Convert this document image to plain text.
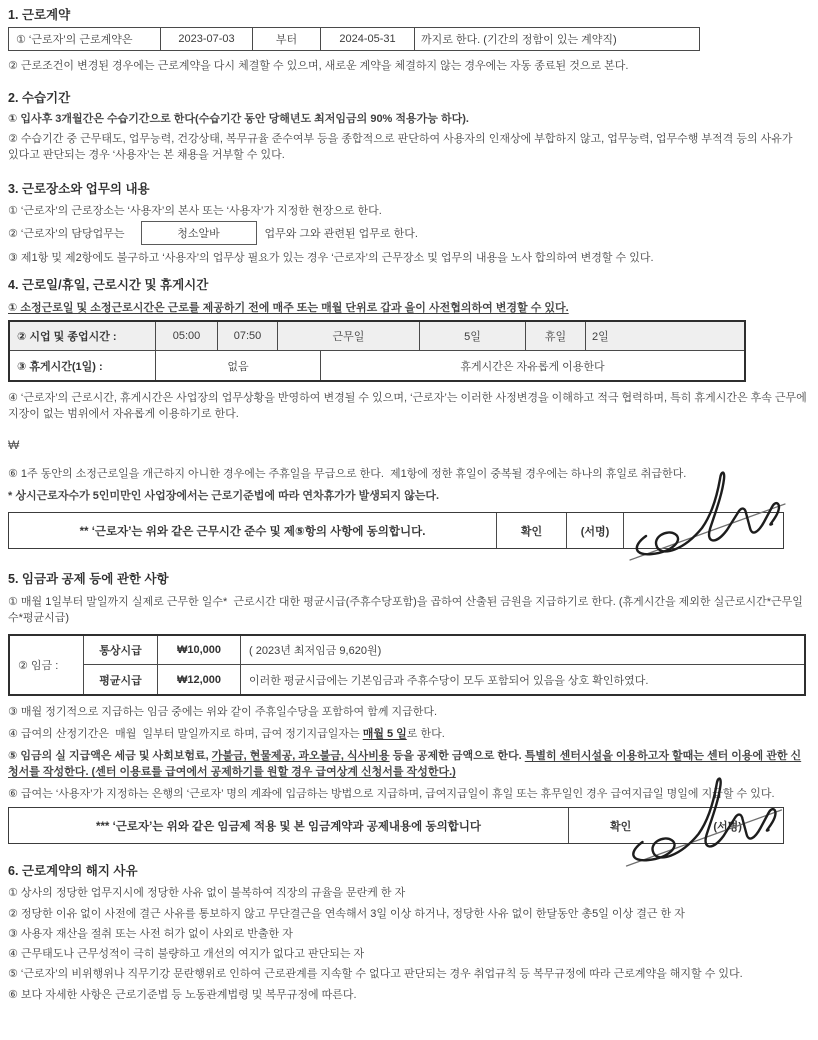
1. 근로계약
① ‘근로자’의 근로계약은	2023-07-03	부터	2024-05-31	까지로 한다. (기간의 정함이 있는 계약직)

② 근로조건이 변경된 경우에는 근로계약을 다시 체결할 수 있으며, 새로운 계약을 체결하지 않는 경우에는 자동 종료된 것으로 본다.

2. 수습기간

① 입사후 3개월간은 수습기간으로 한다(수습기간 동안 당해년도 최저임금의 90% 적용가능 하다).

② 수습기간 중 근무태도, 업무능력, 건강상태, 복무규율 준수여부 등을 종합적으로 판단하여 사용자의 인재상에 부합하지 않고, 업무능력, 업무수행 부적격 등의 사유가  있다고 판단되는 경우 ‘사용자’는 본 채용을 거부할 수 있다.

3. 근로장소와 업무의 내용

① ‘근로자’의 근로장소는 ‘사용자’의 본사 또는 ‘사용자’가 지정한 현장으로 한다.

② ‘근로자’의 담당업무는	청소알바	업무와 그와 관련된 업무로 한다.

③ 제1항 및 제2항에도 불구하고 ‘사용자’의 업무상 필요가 있는 경우 ‘근로자’의 근무장소 및 업무의 내용을 노사 합의하여 변경할 수 있다.

4. 근로일/휴일, 근로시간 및 휴게시간

① 소정근로일 및 소정근로시간은 근로를 제공하기 전에 매주 또는 매월 단위로 갑과 을이 사전협의하여 변경할 수 있다.

② 시업 및 종업시간 :	05:00	07:50	근무일	5일	휴일	2일
③ 휴게시간(1일) :	없음	휴게시간은 자유롭게 이용한다

④ ‘근로자’의 근로시간, 휴게시간은 사업장의 업무상황을 반영하여 변경될 수 있으며, ‘근로자’는 이러한 사정변경을 이해하고 적극 협력하며, 특히 휴게시간은 후속 근무에 지장이 없는 범위에서 자유롭게 이용하기로 한다.

₩

⑥ 1주 동안의 소정근로일을 개근하지 아니한 경우에는 주휴일을 무급으로 한다.  제1항에 정한 휴일이 중복될 경우에는 하나의 휴일로 취급한다.

* 상시근로자수가 5인미만인 사업장에서는 근로기준법에 따라 연차휴가가 발생되지 않는다.

** ‘근로자’는 위와 같은 근무시간 준수 및 제⑤항의 사항에 동의합니다.	확인	(서명)
5. 임금과 공제 등에 관한 사항

① 매월 1일부터 말일까지 실제로 근무한 일수*  근로시간 대한 평균시급(주휴수당포함)을 곱하여 산출된 금원을 지급하기로 한다. (휴게시간을 제외한 실근로시간*근무일수*평균시급)

② 임금 :
통상시급	₩10,000	( 2023년 최저임금 9,620원)
평균시급	₩12,000	이러한 평균시급에는 기본임금과 주휴수당이 모두 포함되어 있음을 상호 확인하였다.

③ 매월 정기적으로 지급하는 임금 중에는 위와 같이 주휴일수당을 포함하여 함께 지급한다.

④ 급여의 산정기간은  매월  일부터 말일까지로 하며, 급여 정기지급일자는 매월 5 일로 한다.

⑤ 임금의 실 지급액은 세금 및 사회보험료, 가불금, 현물제공, 과오불금, 식사비용 등을 공제한 금액으로 한다. 특별히 센터시설을 이용하고자 할때는 센터 이용에 관한 신청서를 작성한다. (센터 이용료를 급여에서 공제하기를 원할 경우 급여상계 신청서를 작성한다.)

⑥ 급여는 ‘사용자’가 지정하는 은행의 ‘근로자’ 명의 계좌에 입금하는 방법으로 지급하며, 급여지급일이 휴일 또는 휴무일인 경우 급여지급일 명일에 지급할 수 있다.

*** ‘근로자’는 위와 같은 임금제 적용 및 본 임금계약과 공제내용에 동의합니다	확인	(서명)
6. 근로계약의 해지 사유

① 상사의 정당한 업무지시에 정당한 사유 없이 불복하여 직장의 규율을 문란케 한 자

② 정당한 이유 없이 사전에 결근 사유를 통보하지 않고 무단결근을 연속해서 3일 이상 하거나, 정당한 사유 없이 한달동안 총5일 이상 결근 한 자

③ 사용자 재산을 절취 또는 사전 허가 없이 사외로 반출한 자

④ 근무태도나 근무성적이 극히 불량하고 개선의 여지가 없다고 판단되는 자

⑤ ‘근로자’의 비위행위나 직무기강 문란행위로 인하여 근로관계를 지속할 수 없다고 판단되는 경우 취업규칙 등 복무규정에 따라 근로계약을 해지할 수 있다.

⑥ 보다 자세한 사항은 근로기준법 등 노동관계법령 및 복무규정에 따른다.
